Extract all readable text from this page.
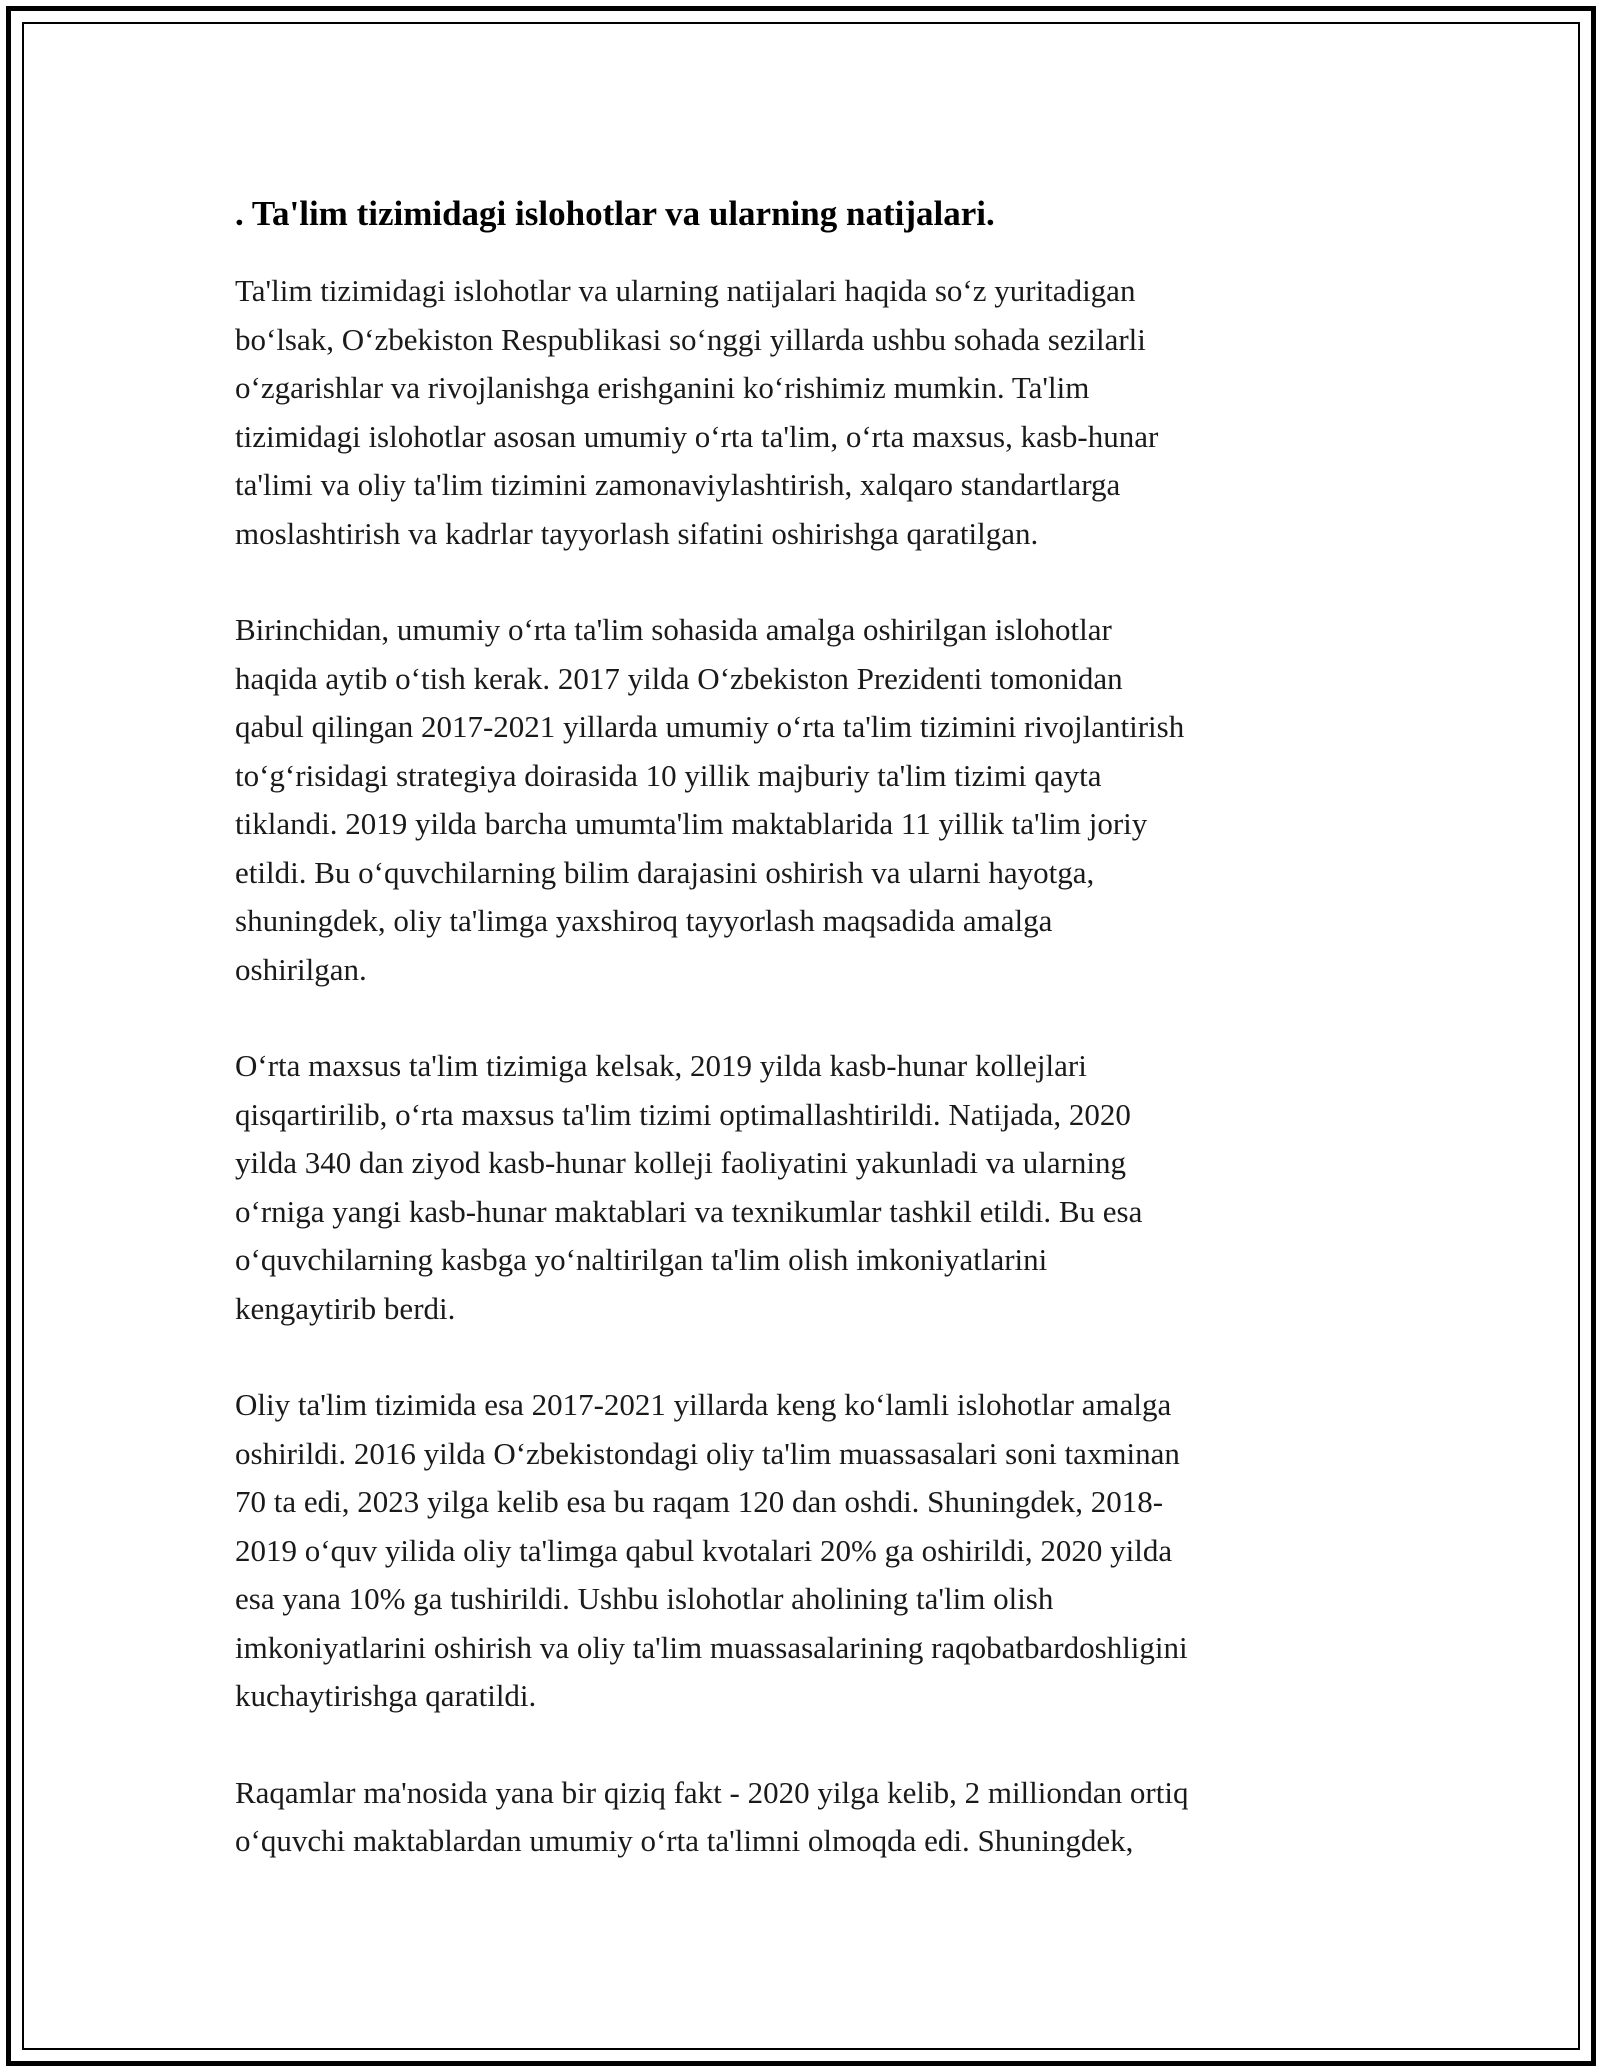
. Ta'lim tizimidagi islohotlar va ularning natijalari.

Ta'lim tizimidagi islohotlar va ularning natijalari haqida so‘z yuritadigan
bo‘lsak, O‘zbekiston Respublikasi so‘nggi yillarda ushbu sohada sezilarli
o‘zgarishlar va rivojlanishga erishganini ko‘rishimiz mumkin. Ta'lim
tizimidagi islohotlar asosan umumiy o‘rta ta'lim, o‘rta maxsus, kasb-hunar
ta'limi va oliy ta'lim tizimini zamonaviylashtirish, xalqaro standartlarga
moslashtirish va kadrlar tayyorlash sifatini oshirishga qaratilgan.

Birinchidan, umumiy o‘rta ta'lim sohasida amalga oshirilgan islohotlar
haqida aytib o‘tish kerak. 2017 yilda O‘zbekiston Prezidenti tomonidan
qabul qilingan 2017-2021 yillarda umumiy o‘rta ta'lim tizimini rivojlantirish
to‘g‘risidagi strategiya doirasida 10 yillik majburiy ta'lim tizimi qayta
tiklandi. 2019 yilda barcha umumta'lim maktablarida 11 yillik ta'lim joriy
etildi. Bu o‘quvchilarning bilim darajasini oshirish va ularni hayotga,
shuningdek, oliy ta'limga yaxshiroq tayyorlash maqsadida amalga
oshirilgan.

O‘rta maxsus ta'lim tizimiga kelsak, 2019 yilda kasb-hunar kollejlari
qisqartirilib, o‘rta maxsus ta'lim tizimi optimallashtirildi. Natijada, 2020
yilda 340 dan ziyod kasb-hunar kolleji faoliyatini yakunladi va ularning
o‘rniga yangi kasb-hunar maktablari va texnikumlar tashkil etildi. Bu esa
o‘quvchilarning kasbga yo‘naltirilgan ta'lim olish imkoniyatlarini
kengaytirib berdi.

Oliy ta'lim tizimida esa 2017-2021 yillarda keng ko‘lamli islohotlar amalga
oshirildi. 2016 yilda O‘zbekistondagi oliy ta'lim muassasalari soni taxminan
70 ta edi, 2023 yilga kelib esa bu raqam 120 dan oshdi. Shuningdek, 2018-
2019 o‘quv yilida oliy ta'limga qabul kvotalari 20% ga oshirildi, 2020 yilda
esa yana 10% ga tushirildi. Ushbu islohotlar aholining ta'lim olish
imkoniyatlarini oshirish va oliy ta'lim muassasalarining raqobatbardoshligini
kuchaytirishga qaratildi.

Raqamlar ma'nosida yana bir qiziq fakt - 2020 yilga kelib, 2 milliondan ortiq
o‘quvchi maktablardan umumiy o‘rta ta'limni olmoqda edi. Shuningdek,
